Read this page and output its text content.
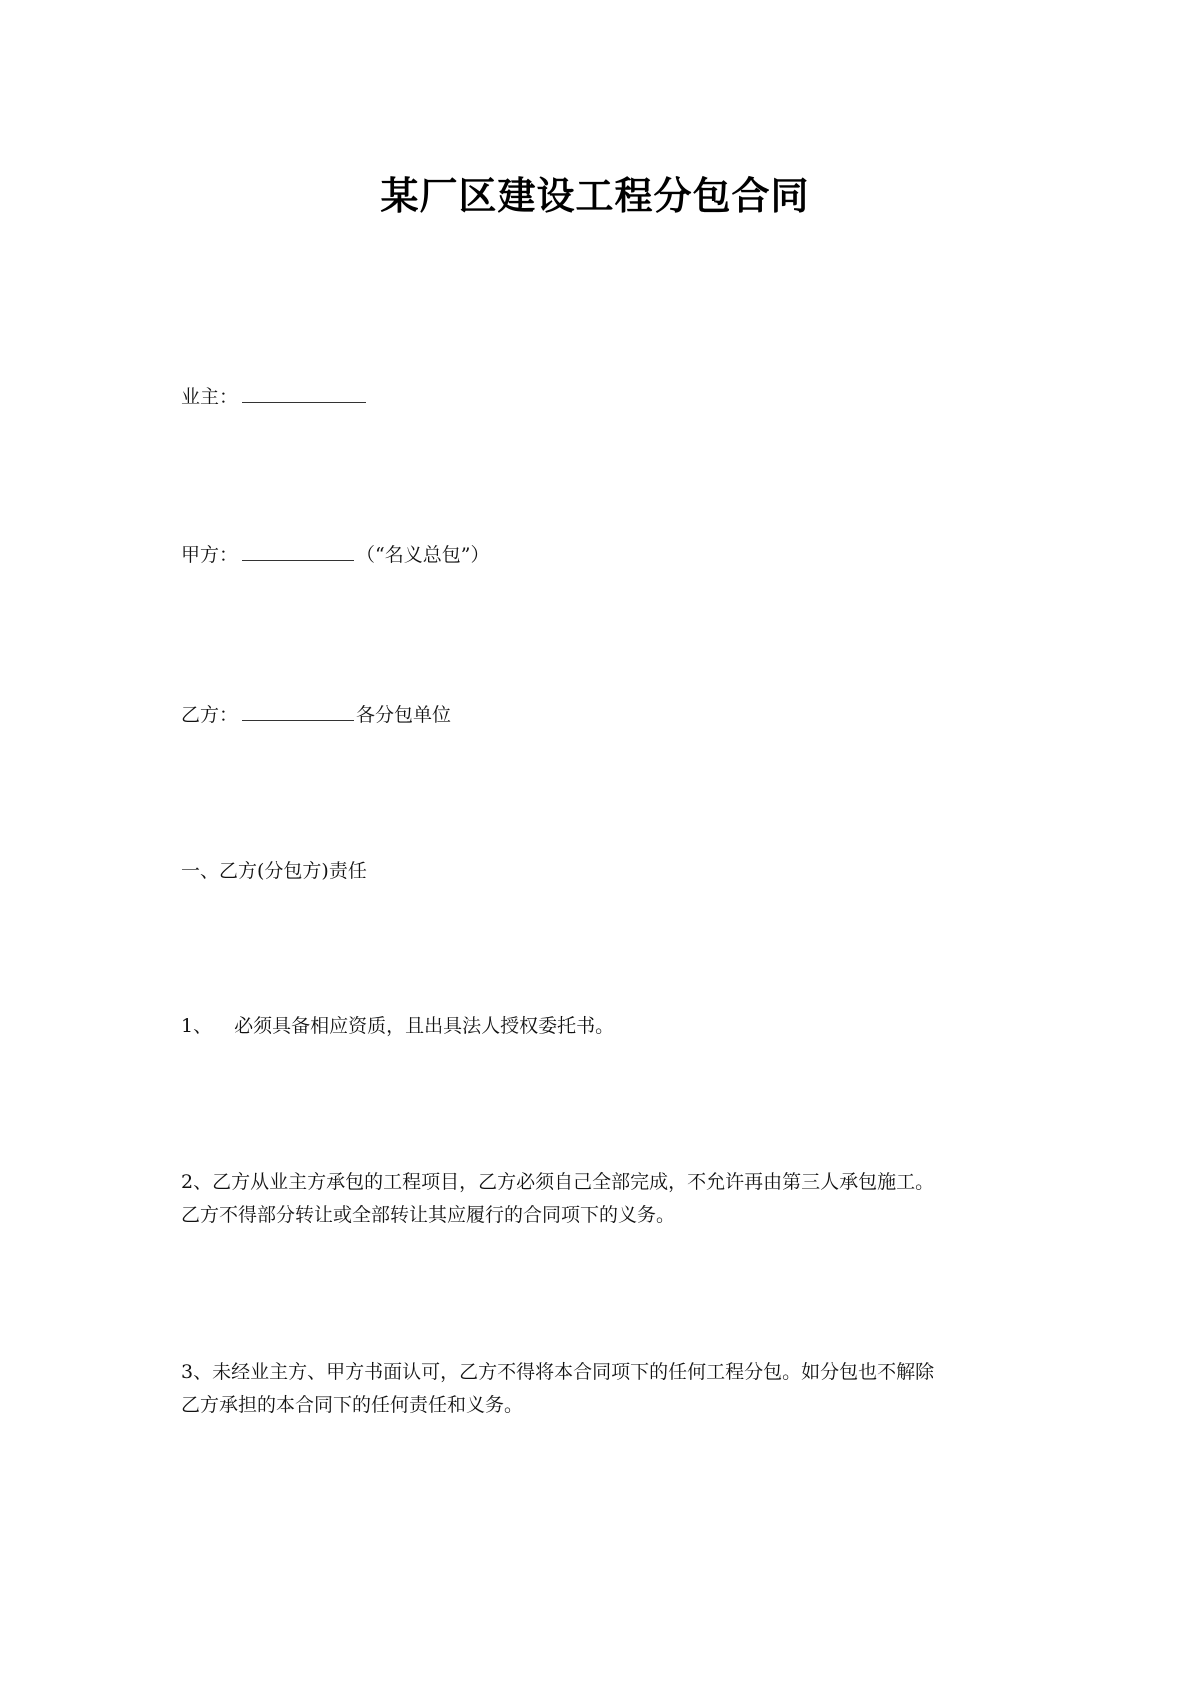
某厂区建设工程分包合同

业主：

甲方：	（“名义总包”）

乙方：	各分包单位

一、乙方(分包方)责任

1、 必须具备相应资质，且出具法人授权委托书。

2、乙方从业主方承包的工程项目，乙方必须自己全部完成，不允许再由第三人承包施工。
乙方不得部分转让或全部转让其应履行的合同项下的义务。
3、未经业主方、甲方书面认可，乙方不得将本合同项下的任何工程分包。如分包也不解除
乙方承担的本合同下的任何责任和义务。
